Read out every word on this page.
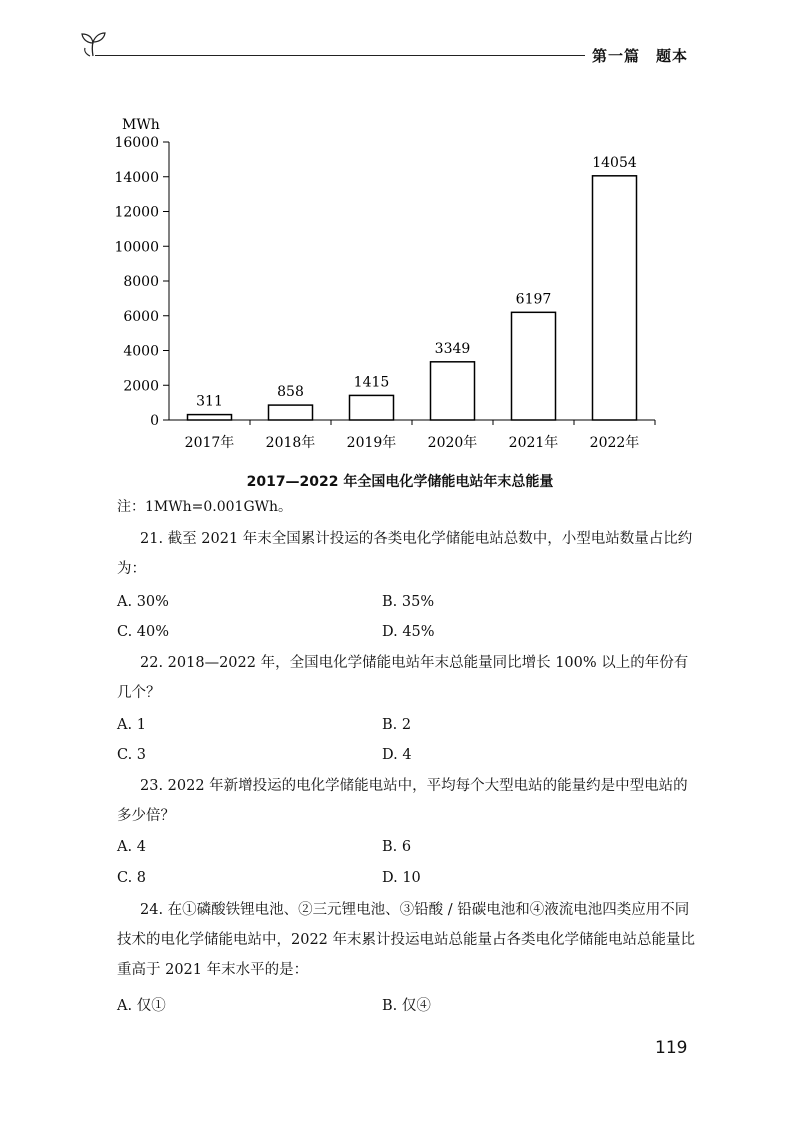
第一篇　题本
MWh
0
2000
4000
6000
8000
10000
12000
14000
16000
311
2017年
858
2018年
1415
2019年
3349
2020年
6197
2021年
14054
2022年
2017—2022 年全国电化学储能电站年末总能量
注：1MWh=0.001GWh。
21. 截至 2021 年末全国累计投运的各类电化学储能电站总数中，小型电站数量占比约为：
A. 30%	B. 35%
C. 40%	D. 45%
22. 2018—2022 年，全国电化学储能电站年末总能量同比增长 100% 以上的年份有几个？
A. 1	B. 2
C. 3	D. 4
23. 2022 年新增投运的电化学储能电站中，平均每个大型电站的能量约是中型电站的多少倍？
A. 4	B. 6
C. 8	D. 10
24. 在①磷酸铁锂电池、②三元锂电池、③铅酸 / 铅碳电池和④液流电池四类应用不同技术的电化学储能电站中，2022 年末累计投运电站总能量占各类电化学储能电站总能量比重高于 2021 年末水平的是：
A. 仅①	B. 仅④
119
